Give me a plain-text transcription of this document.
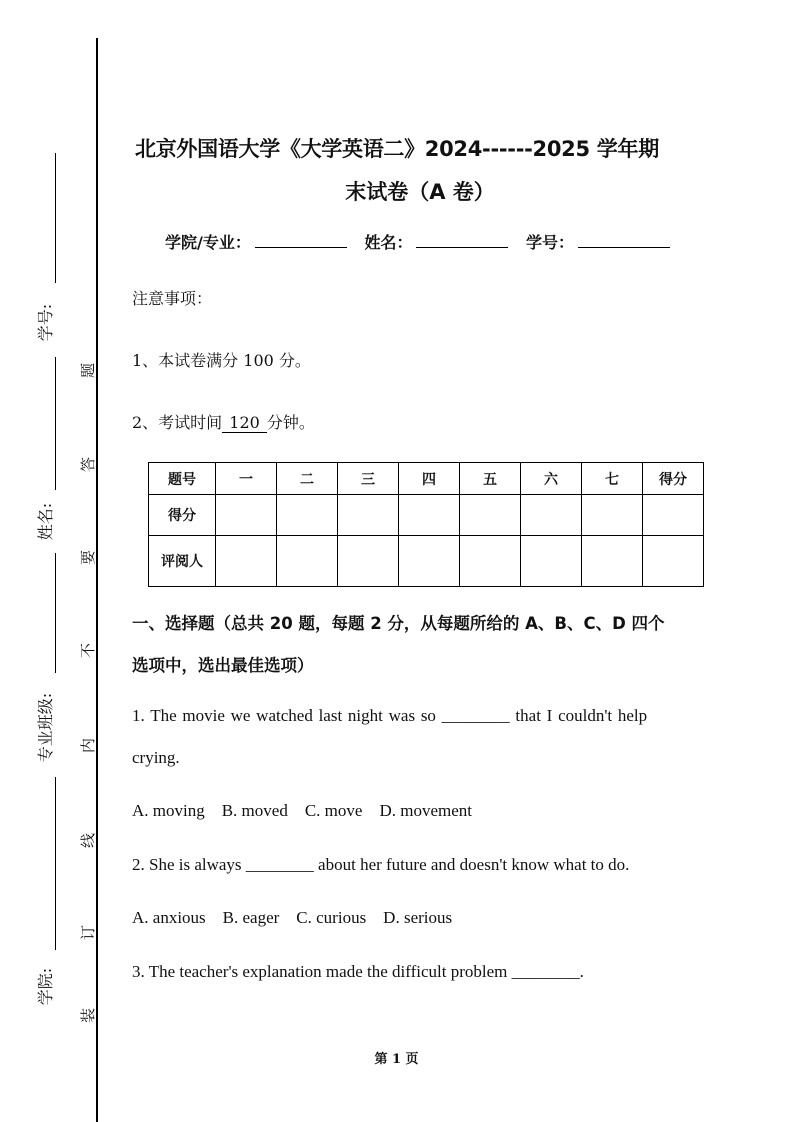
学号:
姓名:
专业班级:
学院:
题
答
要
不
内
线
订
装
北京外国语大学《大学英语二》2024------2025 学年期
末试卷（A 卷）
学院/专业：	姓名：	学号：
注意事项：
1、本试卷满分 100 分。
2、考试时间 120 分钟。
题号	一	二	三	四	五	六	七	得分
得分								
评阅人								
一、选择题（总共 20 题，每题 2 分，从每题所给的 A、B、C、D 四个
选项中，选出最佳选项）
1. The movie we watched last night was so ________ that I couldn't help
crying.
A. moving    B. moved    C. move    D. movement
2. She is always ________ about her future and doesn't know what to do.
A. anxious    B. eager    C. curious    D. serious
3. The teacher's explanation made the difficult problem ________.
第 1 页
